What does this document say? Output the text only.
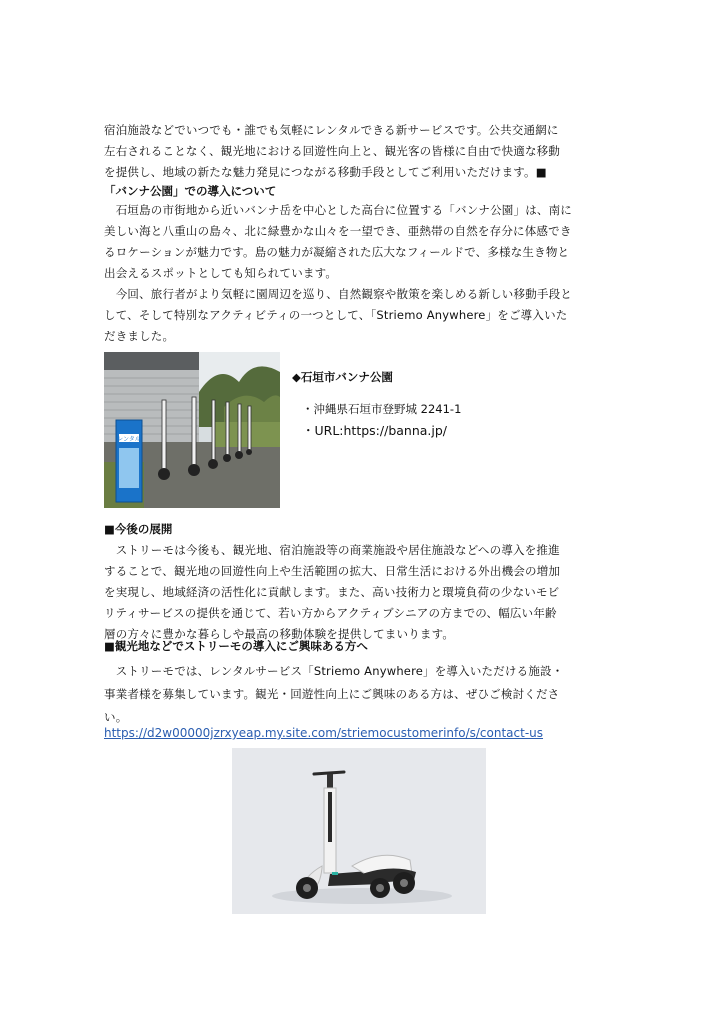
宿泊施設などでいつでも・誰でも気軽にレンタルできる新サービスです。公共交通網に
左右されることなく、観光地における回遊性向上と、観光客の皆様に自由で快適な移動
を提供し、地域の新たな魅力発見につながる移動手段としてご利用いただけます。■
「バンナ公園」での導入について
　石垣島の市街地から近いバンナ岳を中心とした高台に位置する「バンナ公園」は、南に
美しい海と八重山の島々、北に緑豊かな山々を一望でき、亜熱帯の自然を存分に体感でき
るロケーションが魅力です。島の魅力が凝縮された広大なフィールドで、多様な生き物と
出会えるスポットとしても知られています。
　今回、旅行者がより気軽に園周辺を巡り、自然観察や散策を楽しめる新しい移動手段と
して、そして特別なアクティビティの一つとして、「Striemo Anywhere」をご導入いた
だきました。
レンタル
◆石垣市バンナ公園
・沖縄県石垣市登野城 2241-1
・URL:https://banna.jp/
■今後の展開
　ストリーモは今後も、観光地、宿泊施設等の商業施設や居住施設などへの導入を推進
することで、観光地の回遊性向上や生活範囲の拡大、日常生活における外出機会の増加
を実現し、地域経済の活性化に貢献します。また、高い技術力と環境負荷の少ないモビ
リティサービスの提供を通じて、若い方からアクティブシニアの方までの、幅広い年齢
層の方々に豊かな暮らしや最高の移動体験を提供してまいります。
■観光地などでストリーモの導入にご興味ある方へ
　ストリーモでは、レンタルサービス「Striemo Anywhere」を導入いただける施設・
事業者様を募集しています。観光・回遊性向上にご興味のある方は、ぜひご検討くださ
い。
https://d2w00000jzrxyeap.my.site.com/striemocustomerinfo/s/contact-us
